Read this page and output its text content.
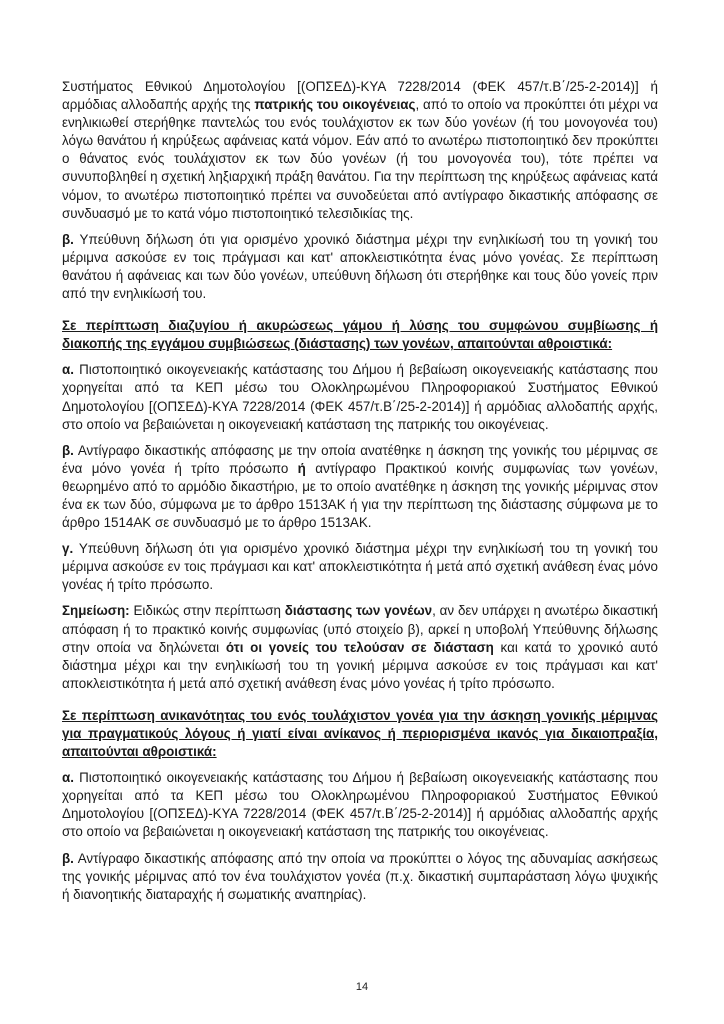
Συστήματος Εθνικού Δημοτολογίου [(ΟΠΣΕΔ)-ΚΥΑ 7228/2014 (ΦΕΚ 457/τ.Β΄/25-2-2014)] ή αρμόδιας αλλοδαπής αρχής της πατρικής του οικογένειας, από το οποίο να προκύπτει ότι μέχρι να ενηλικιωθεί στερήθηκε παντελώς του ενός τουλάχιστον εκ των δύο γονέων (ή του μονογονέα του) λόγω θανάτου ή κηρύξεως αφάνειας κατά νόμον. Εάν από το ανωτέρω πιστοποιητικό δεν προκύπτει ο θάνατος ενός τουλάχιστον εκ των δύο γονέων (ή του μονογονέα του), τότε πρέπει να συνυποβληθεί η σχετική ληξιαρχική πράξη θανάτου. Για την περίπτωση της κηρύξεως αφάνειας κατά νόμον, το ανωτέρω πιστοποιητικό πρέπει να συνοδεύεται από αντίγραφο δικαστικής απόφασης σε συνδυασμό με το κατά νόμο πιστοποιητικό τελεσιδικίας της.

β. Υπεύθυνη δήλωση ότι για ορισμένο χρονικό διάστημα μέχρι την ενηλικίωσή του τη γονική του μέριμνα ασκούσε εν τοις πράγμασι και κατ' αποκλειστικότητα ένας μόνο γονέας. Σε περίπτωση θανάτου ή αφάνειας και των δύο γονέων, υπεύθυνη δήλωση ότι στερήθηκε και τους δύο γονείς πριν από την ενηλικίωσή του.

Σε περίπτωση διαζυγίου ή ακυρώσεως γάμου ή λύσης του συμφώνου συμβίωσης ή διακοπής της εγγάμου συμβιώσεως (διάστασης) των γονέων, απαιτούνται αθροιστικά:

α. Πιστοποιητικό οικογενειακής κατάστασης του Δήμου ή βεβαίωση οικογενειακής κατάστασης που χορηγείται από τα ΚΕΠ μέσω του Ολοκληρωμένου Πληροφοριακού Συστήματος Εθνικού Δημοτολογίου [(ΟΠΣΕΔ)-ΚΥΑ 7228/2014 (ΦΕΚ 457/τ.Β΄/25-2-2014)] ή αρμόδιας αλλοδαπής αρχής, στο οποίο να βεβαιώνεται η οικογενειακή κατάσταση της πατρικής του οικογένειας.

β. Αντίγραφο δικαστικής απόφασης με την οποία ανατέθηκε η άσκηση της γονικής του μέριμνας σε ένα μόνο γονέα ή τρίτο πρόσωπο ή αντίγραφο Πρακτικού κοινής συμφωνίας των γονέων, θεωρημένο από το αρμόδιο δικαστήριο, με το οποίο ανατέθηκε η άσκηση της γονικής μέριμνας στον ένα εκ των δύο, σύμφωνα με το άρθρο 1513ΑΚ ή για την περίπτωση της διάστασης σύμφωνα με το άρθρο 1514ΑΚ σε συνδυασμό με το άρθρο 1513ΑΚ.

γ. Υπεύθυνη δήλωση ότι για ορισμένο χρονικό διάστημα μέχρι την ενηλικίωσή του τη γονική του μέριμνα ασκούσε εν τοις πράγμασι και κατ' αποκλειστικότητα ή μετά από σχετική ανάθεση ένας μόνο γονέας ή τρίτο πρόσωπο.

Σημείωση: Ειδικώς στην περίπτωση διάστασης των γονέων, αν δεν υπάρχει η ανωτέρω δικαστική απόφαση ή το πρακτικό κοινής συμφωνίας (υπό στοιχείο β), αρκεί η υποβολή Υπεύθυνης δήλωσης στην οποία να δηλώνεται ότι οι γονείς του τελούσαν σε διάσταση και κατά το χρονικό αυτό διάστημα μέχρι και την ενηλικίωσή του τη γονική μέριμνα ασκούσε εν τοις πράγμασι και κατ' αποκλειστικότητα ή μετά από σχετική ανάθεση ένας μόνο γονέας ή τρίτο πρόσωπο.

Σε περίπτωση ανικανότητας του ενός τουλάχιστον γονέα για την άσκηση γονικής μέριμνας για πραγματικούς λόγους ή γιατί είναι ανίκανος ή περιορισμένα ικανός για δικαιοπραξία, απαιτούνται αθροιστικά:

α. Πιστοποιητικό οικογενειακής κατάστασης του Δήμου ή βεβαίωση οικογενειακής κατάστασης που χορηγείται από τα ΚΕΠ μέσω του Ολοκληρωμένου Πληροφοριακού Συστήματος Εθνικού Δημοτολογίου [(ΟΠΣΕΔ)-ΚΥΑ 7228/2014 (ΦΕΚ 457/τ.Β΄/25-2-2014)] ή αρμόδιας αλλοδαπής αρχής στο οποίο να βεβαιώνεται η οικογενειακή κατάσταση της πατρικής του οικογένειας.

β. Αντίγραφο δικαστικής απόφασης από την οποία να προκύπτει ο λόγος της αδυναμίας ασκήσεως της γονικής μέριμνας από τον ένα τουλάχιστον γονέα (π.χ. δικαστική συμπαράσταση λόγω ψυχικής ή διανοητικής διαταραχής ή σωματικής αναπηρίας).

14
